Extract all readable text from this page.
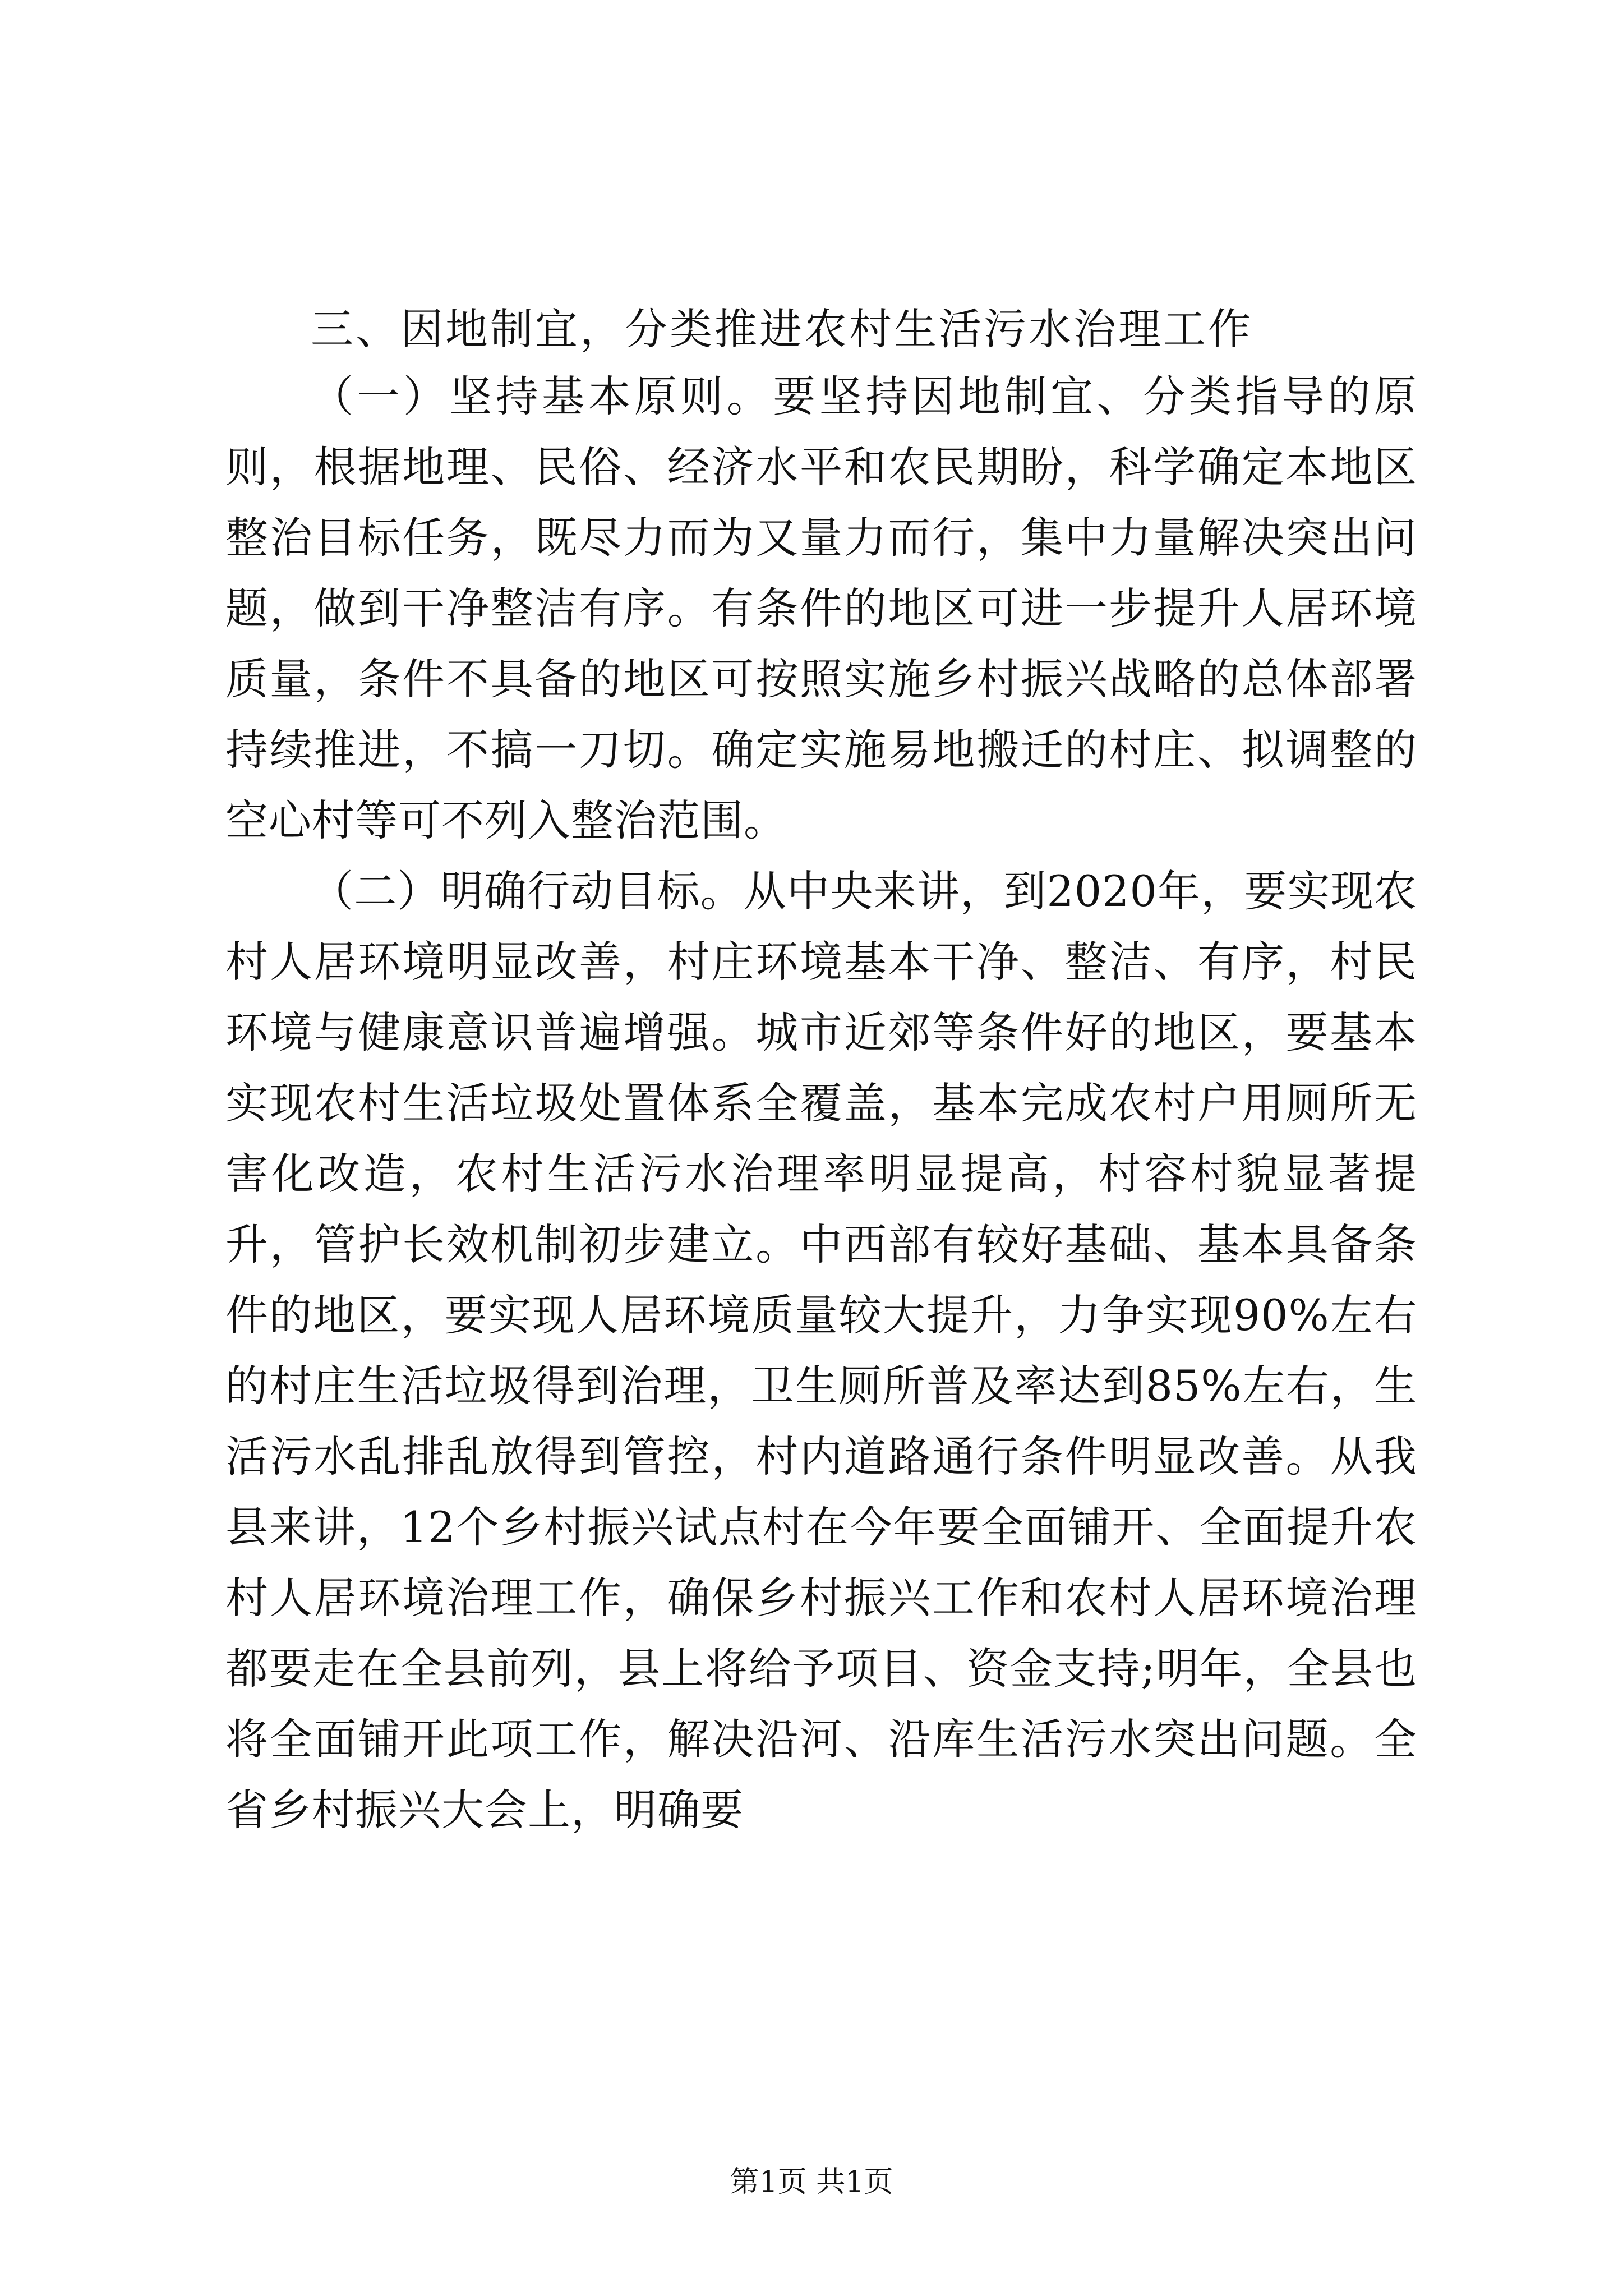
三、因地制宜，分类推进农村生活污水治理工作

（一）坚持基本原则。要坚持因地制宜、分类指导的原则，根据地理、民俗、经济水平和农民期盼，科学确定本地区整治目标任务，既尽力而为又量力而行，集中力量解决突出问题，做到干净整洁有序。有条件的地区可进一步提升人居环境质量，条件不具备的地区可按照实施乡村振兴战略的总体部署持续推进，不搞一刀切。确定实施易地搬迁的村庄、拟调整的空心村等可不列入整治范围。

（二）明确行动目标。从中央来讲，到2020年，要实现农村人居环境明显改善，村庄环境基本干净、整洁、有序，村民环境与健康意识普遍增强。城市近郊等条件好的地区，要基本实现农村生活垃圾处置体系全覆盖，基本完成农村户用厕所无害化改造，农村生活污水治理率明显提高，村容村貌显著提升，管护长效机制初步建立。中西部有较好基础、基本具备条件的地区，要实现人居环境质量较大提升，力争实现90%左右的村庄生活垃圾得到治理，卫生厕所普及率达到85%左右，生活污水乱排乱放得到管控，村内道路通行条件明显改善。从我县来讲，12个乡村振兴试点村在今年要全面铺开、全面提升农村人居环境治理工作，确保乡村振兴工作和农村人居环境治理都要走在全县前列，县上将给予项目、资金支持;明年，全县也将全面铺开此项工作，解决沿河、沿库生活污水突出问题。全省乡村振兴大会上，明确要

第1页 共1页
